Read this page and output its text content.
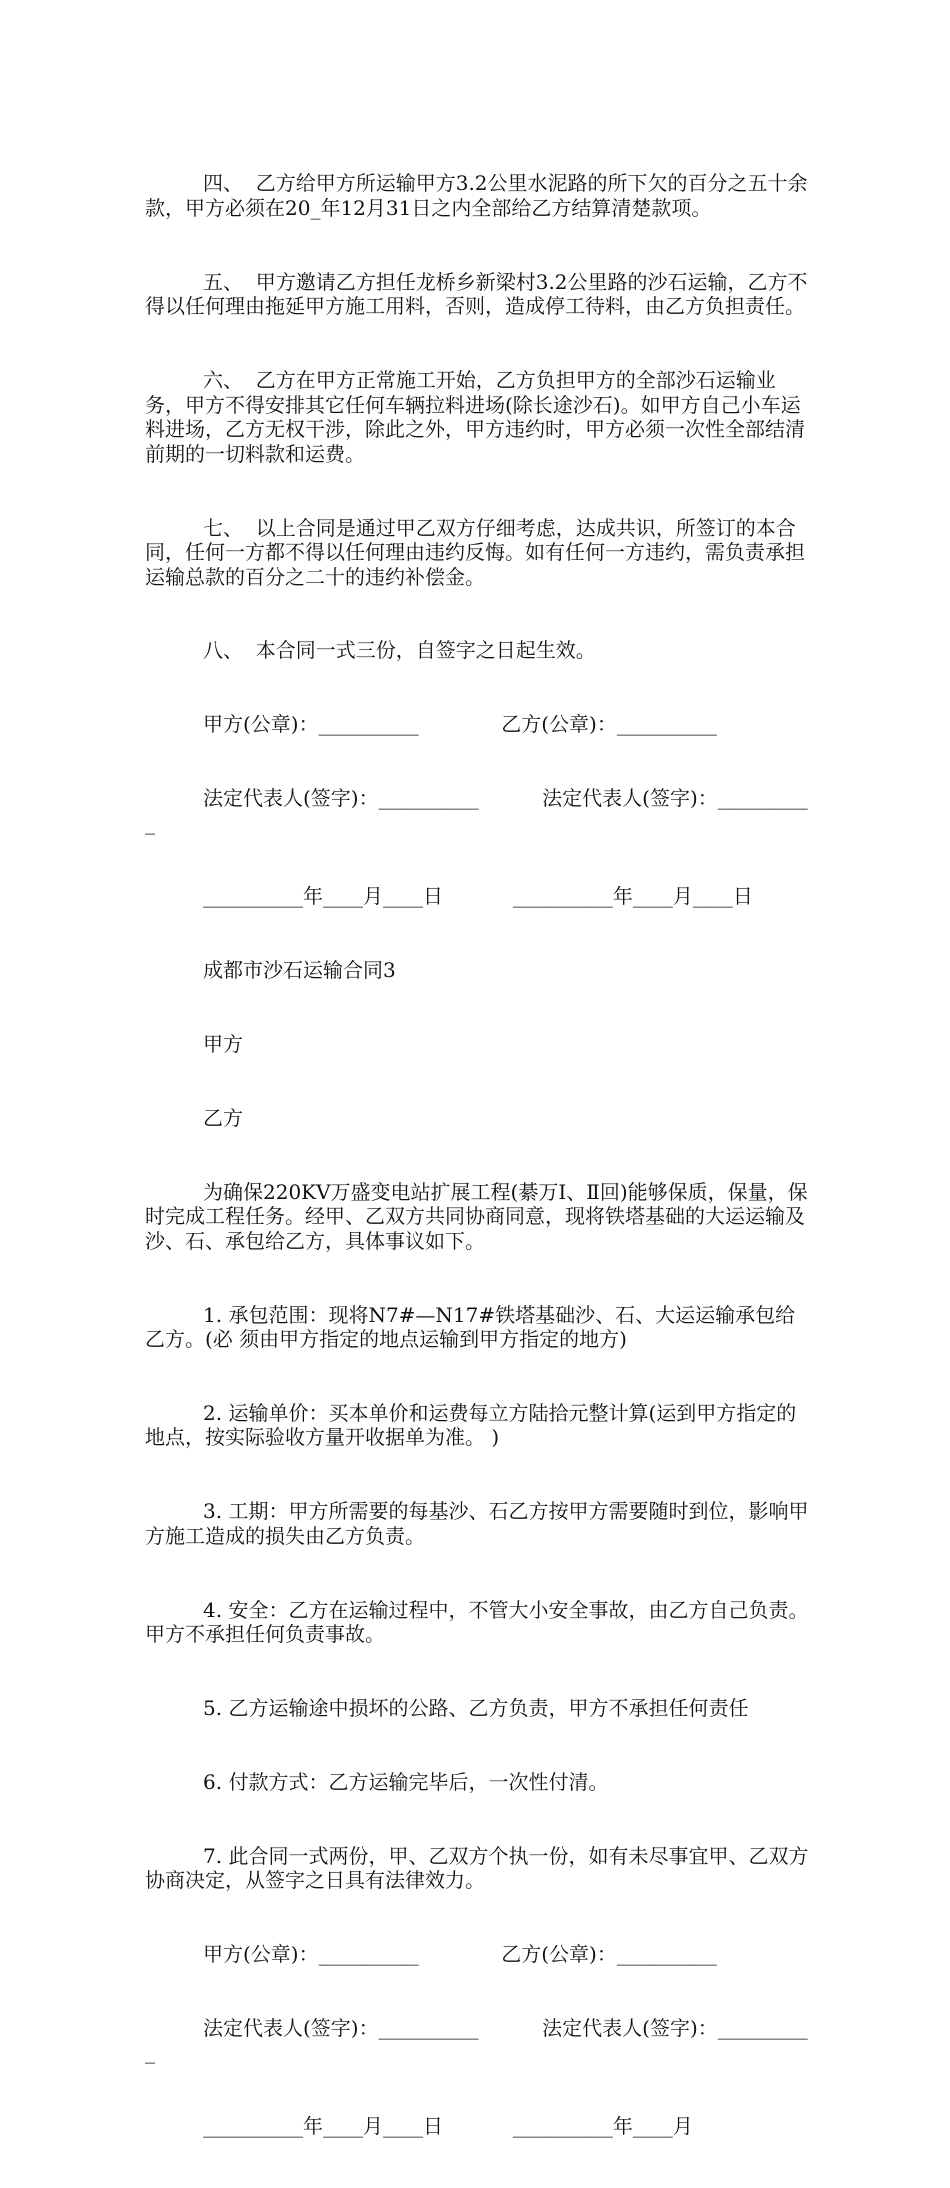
四、  乙方给甲方所运输甲方3.2公里水泥路的所下欠的百分之五十余款，甲方必须在20_年12月31日之内全部给乙方结算清楚款项。

五、  甲方邀请乙方担任龙桥乡新梁村3.2公里路的沙石运输，乙方不得以任何理由拖延甲方施工用料，否则，造成停工待料，由乙方负担责任。

六、  乙方在甲方正常施工开始，乙方负担甲方的全部沙石运输业务，甲方不得安排其它任何车辆拉料进场(除长途沙石)。如甲方自己小车运料进场，乙方无权干涉，除此之外，甲方违约时，甲方必须一次性全部结清前期的一切料款和运费。

七、  以上合同是通过甲乙双方仔细考虑，达成共识，所签订的本合同，任何一方都不得以任何理由违约反悔。如有任何一方违约，需负责承担运输总款的百分之二十的违约补偿金。

八、  本合同一式三份，自签字之日起生效。

甲方(公章)：__________             乙方(公章)：__________

法定代表人(签字)：__________          法定代表人(签字)：__________

__________年____月____日           __________年____月____日

成都市沙石运输合同3

甲方

乙方

为确保220KV万盛变电站扩展工程(綦万Ⅰ、Ⅱ回)能够保质，保量，保时完成工程任务。经甲、乙双方共同协商同意，现将铁塔基础的大运运输及沙、石、承包给乙方，具体事议如下。

1. 承包范围：现将N7#—N17#铁塔基础沙、石、大运运输承包给乙方。(必 须由甲方指定的地点运输到甲方指定的地方)

2. 运输单价：买本单价和运费每立方陆拾元整计算(运到甲方指定的地点，按实际验收方量开收据单为准。 )

3. 工期：甲方所需要的每基沙、石乙方按甲方需要随时到位，影响甲方施工造成的损失由乙方负责。

4. 安全：乙方在运输过程中，不管大小安全事故，由乙方自己负责。甲方不承担任何负责事故。

5. 乙方运输途中损坏的公路、乙方负责，甲方不承担任何责任

6. 付款方式：乙方运输完毕后，一次性付清。

7. 此合同一式两份，甲、乙双方个执一份，如有未尽事宜甲、乙双方协商决定，从签字之日具有法律效力。

甲方(公章)：__________             乙方(公章)：__________

法定代表人(签字)：__________          法定代表人(签字)：__________

__________年____月____日           __________年____月
